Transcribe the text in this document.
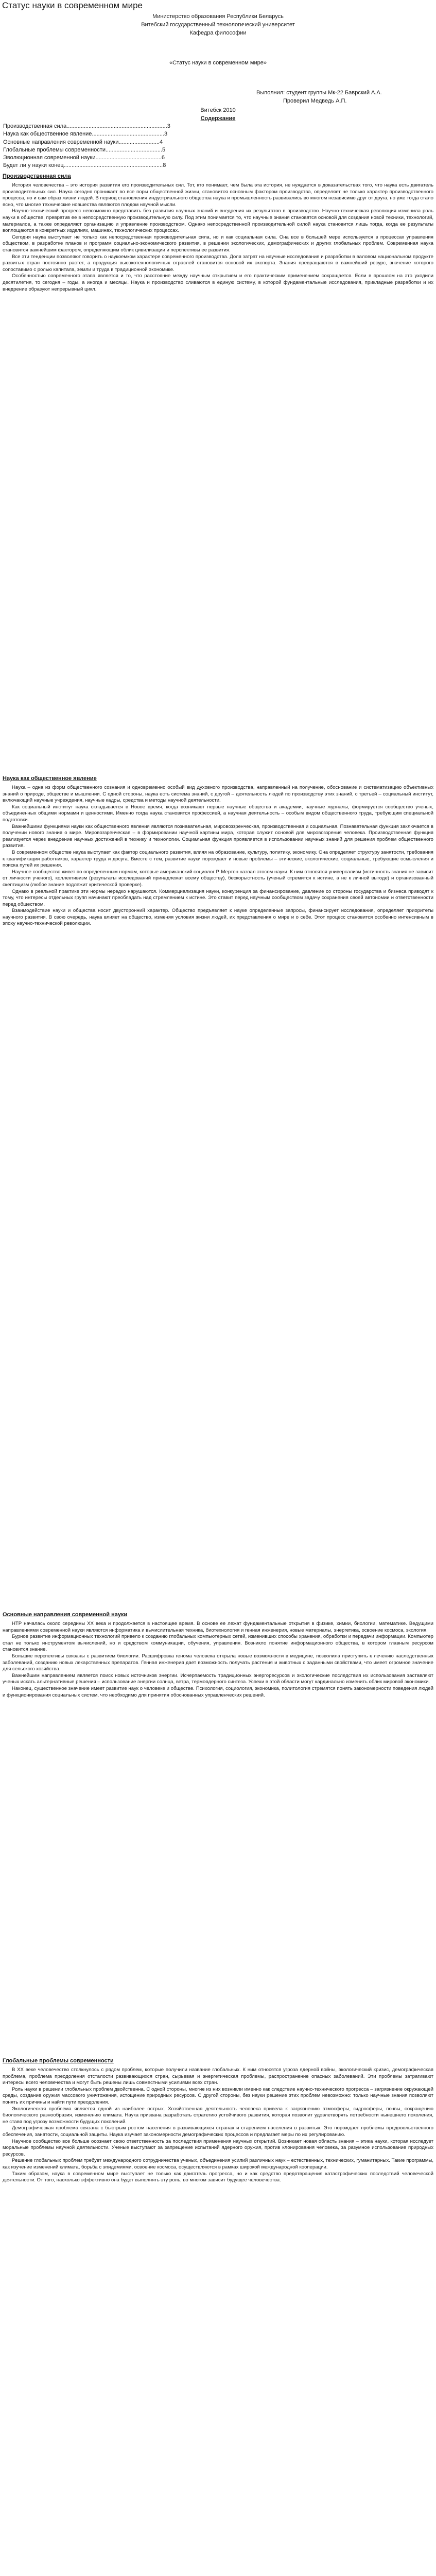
Статус науки в современном мире
Министерство образования Республики Беларусь
Витебский государственный технологический университет
Кафедра философии
«Статус науки в современном мире»
Выполнил: студент группы Мк-22 Баврский А.А.
Проверил Медведь А.П.
Витебск 2010
Содержание
Производственная сила................................................................3
Наука как общественное явление..............................................3
Основные направления современной науки..........................4
Глобальные проблемы современности....................................5
Эволюционная современной науки..........................................6
Будет ли у науки конец...............................................................8
Производственная сила

История человечества – это история развития его производительных сил. Тот, кто понимает, чем была эта история, не нуждается в доказательствах того, что наука есть двигатель производительных сил. Наука сегодня проникает во все поры общественной жизни, становится основным фактором производства, определяет не только характер производственного процесса, но и сам образ жизни людей. В период становления индустриального общества наука и промышленность развивались во многом независимо друг от друга, но уже тогда стало ясно, что многие технические новшества являются плодом научной мысли.

Научно-технический прогресс невозможно представить без развития научных знаний и внедрения их результатов в производство. Научно-техническая революция изменила роль науки в обществе, превратив ее в непосредственную производительную силу. Под этим понимается то, что научные знания становятся основой для создания новой техники, технологий, материалов, а также определяют организацию и управление производством. Однако непосредственной производительной силой наука становится лишь тогда, когда ее результаты воплощаются в конкретных изделиях, машинах, технологических процессах.

Сегодня наука выступает не только как непосредственная производительная сила, но и как социальная сила. Она все в большей мере используется в процессах управления обществом, в разработке планов и программ социально-экономического развития, в решении экологических, демографических и других глобальных проблем. Современная наука становится важнейшим фактором, определяющим облик цивилизации и перспективы ее развития.

Все эти тенденции позволяют говорить о наукоемком характере современного производства. Доля затрат на научные исследования и разработки в валовом национальном продукте развитых стран постоянно растет, а продукция высокотехнологичных отраслей становится основой их экспорта. Знания превращаются в важнейший ресурс, значение которого сопоставимо с ролью капитала, земли и труда в традиционной экономике.

Особенностью современного этапа является и то, что расстояние между научным открытием и его практическим применением сокращается. Если в прошлом на это уходили десятилетия, то сегодня – годы, а иногда и месяцы. Наука и производство сливаются в единую систему, в которой фундаментальные исследования, прикладные разработки и их внедрение образуют непрерывный цикл.

Наука как общественное явление

Наука – одна из форм общественного сознания и одновременно особый вид духовного производства, направленный на получение, обоснование и систематизацию объективных знаний о природе, обществе и мышлении. С одной стороны, наука есть система знаний, с другой – деятельность людей по производству этих знаний, с третьей – социальный институт, включающий научные учреждения, научные кадры, средства и методы научной деятельности.

Как социальный институт наука складывается в Новое время, когда возникают первые научные общества и академии, научные журналы, формируется сообщество ученых, объединенных общими нормами и ценностями. Именно тогда наука становится профессией, а научная деятельность – особым видом общественного труда, требующим специальной подготовки.

Важнейшими функциями науки как общественного явления являются познавательная, мировоззренческая, производственная и социальная. Познавательная функция заключается в получении нового знания о мире. Мировоззренческая – в формировании научной картины мира, которая служит основой для мировоззрения человека. Производственная функция реализуется через внедрение научных достижений в технику и технологии. Социальная функция проявляется в использовании научных знаний для решения проблем общественного развития.

В современном обществе наука выступает как фактор социального развития, влияя на образование, культуру, политику, экономику. Она определяет структуру занятости, требования к квалификации работников, характер труда и досуга. Вместе с тем, развитие науки порождает и новые проблемы – этические, экологические, социальные, требующие осмысления и поиска путей их решения.

Научное сообщество живет по определенным нормам, которые американский социолог Р. Мертон назвал этосом науки. К ним относятся универсализм (истинность знания не зависит от личности ученого), коллективизм (результаты исследований принадлежат всему обществу), бескорыстность (ученый стремится к истине, а не к личной выгоде) и организованный скептицизм (любое знание подлежит критической проверке).

Однако в реальной практике эти нормы нередко нарушаются. Коммерциализация науки, конкуренция за финансирование, давление со стороны государства и бизнеса приводят к тому, что интересы отдельных групп начинают преобладать над стремлением к истине. Это ставит перед научным сообществом задачу сохранения своей автономии и ответственности перед обществом.

Взаимодействие науки и общества носит двусторонний характер. Общество предъявляет к науке определенные запросы, финансирует исследования, определяет приоритеты научного развития. В свою очередь, наука влияет на общество, изменяя условия жизни людей, их представления о мире и о себе. Этот процесс становится особенно интенсивным в эпоху научно-технической революции.

Основные направления современной науки

НТР началась около середины XX века и продолжается в настоящее время. В основе ее лежат фундаментальные открытия в физике, химии, биологии, математике. Ведущими направлениями современной науки являются информатика и вычислительная техника, биотехнология и генная инженерия, новые материалы, энергетика, освоение космоса, экология.

Бурное развитие информационных технологий привело к созданию глобальных компьютерных сетей, изменивших способы хранения, обработки и передачи информации. Компьютер стал не только инструментом вычислений, но и средством коммуникации, обучения, управления. Возникло понятие информационного общества, в котором главным ресурсом становится знание.

Большие перспективы связаны с развитием биологии. Расшифровка генома человека открыла новые возможности в медицине, позволила приступить к лечению наследственных заболеваний, созданию новых лекарственных препаратов. Генная инженерия дает возможность получать растения и животных с заданными свойствами, что имеет огромное значение для сельского хозяйства.

Важнейшим направлением является поиск новых источников энергии. Исчерпаемость традиционных энергоресурсов и экологические последствия их использования заставляют ученых искать альтернативные решения – использование энергии солнца, ветра, термоядерного синтеза. Успехи в этой области могут кардинально изменить облик мировой экономики.

Наконец, существенное значение имеет развитие наук о человеке и обществе. Психология, социология, экономика, политология стремятся понять закономерности поведения людей и функционирования социальных систем, что необходимо для принятия обоснованных управленческих решений.

Глобальные проблемы современности

В XX веке человечество столкнулось с рядом проблем, которые получили название глобальных. К ним относятся угроза ядерной войны, экологический кризис, демографическая проблема, проблема преодоления отсталости развивающихся стран, сырьевая и энергетическая проблемы, распространение опасных заболеваний. Эти проблемы затрагивают интересы всего человечества и могут быть решены лишь совместными усилиями всех стран.

Роль науки в решении глобальных проблем двойственна. С одной стороны, многие из них возникли именно как следствие научно-технического прогресса – загрязнение окружающей среды, создание оружия массового уничтожения, истощение природных ресурсов. С другой стороны, без науки решение этих проблем невозможно: только научные знания позволяют понять их причины и найти пути преодоления.

Экологическая проблема является одной из наиболее острых. Хозяйственная деятельность человека привела к загрязнению атмосферы, гидросферы, почвы, сокращению биологического разнообразия, изменению климата. Наука призвана разработать стратегию устойчивого развития, которая позволит удовлетворять потребности нынешнего поколения, не ставя под угрозу возможности будущих поколений.

Демографическая проблема связана с быстрым ростом населения в развивающихся странах и старением населения в развитых. Это порождает проблемы продовольственного обеспечения, занятости, социальной защиты. Наука изучает закономерности демографических процессов и предлагает меры по их регулированию.

Научное сообщество все больше осознает свою ответственность за последствия применения научных открытий. Возникает новая область знания – этика науки, которая исследует моральные проблемы научной деятельности. Ученые выступают за запрещение испытаний ядерного оружия, против клонирования человека, за разумное использование природных ресурсов.

Решение глобальных проблем требует международного сотрудничества ученых, объединения усилий различных наук – естественных, технических, гуманитарных. Такие программы, как изучение изменений климата, борьба с эпидемиями, освоение космоса, осуществляются в рамках широкой международной кооперации.

Таким образом, наука в современном мире выступает не только как двигатель прогресса, но и как средство предотвращения катастрофических последствий человеческой деятельности. От того, насколько эффективно она будет выполнять эту роль, во многом зависит будущее человечества.
